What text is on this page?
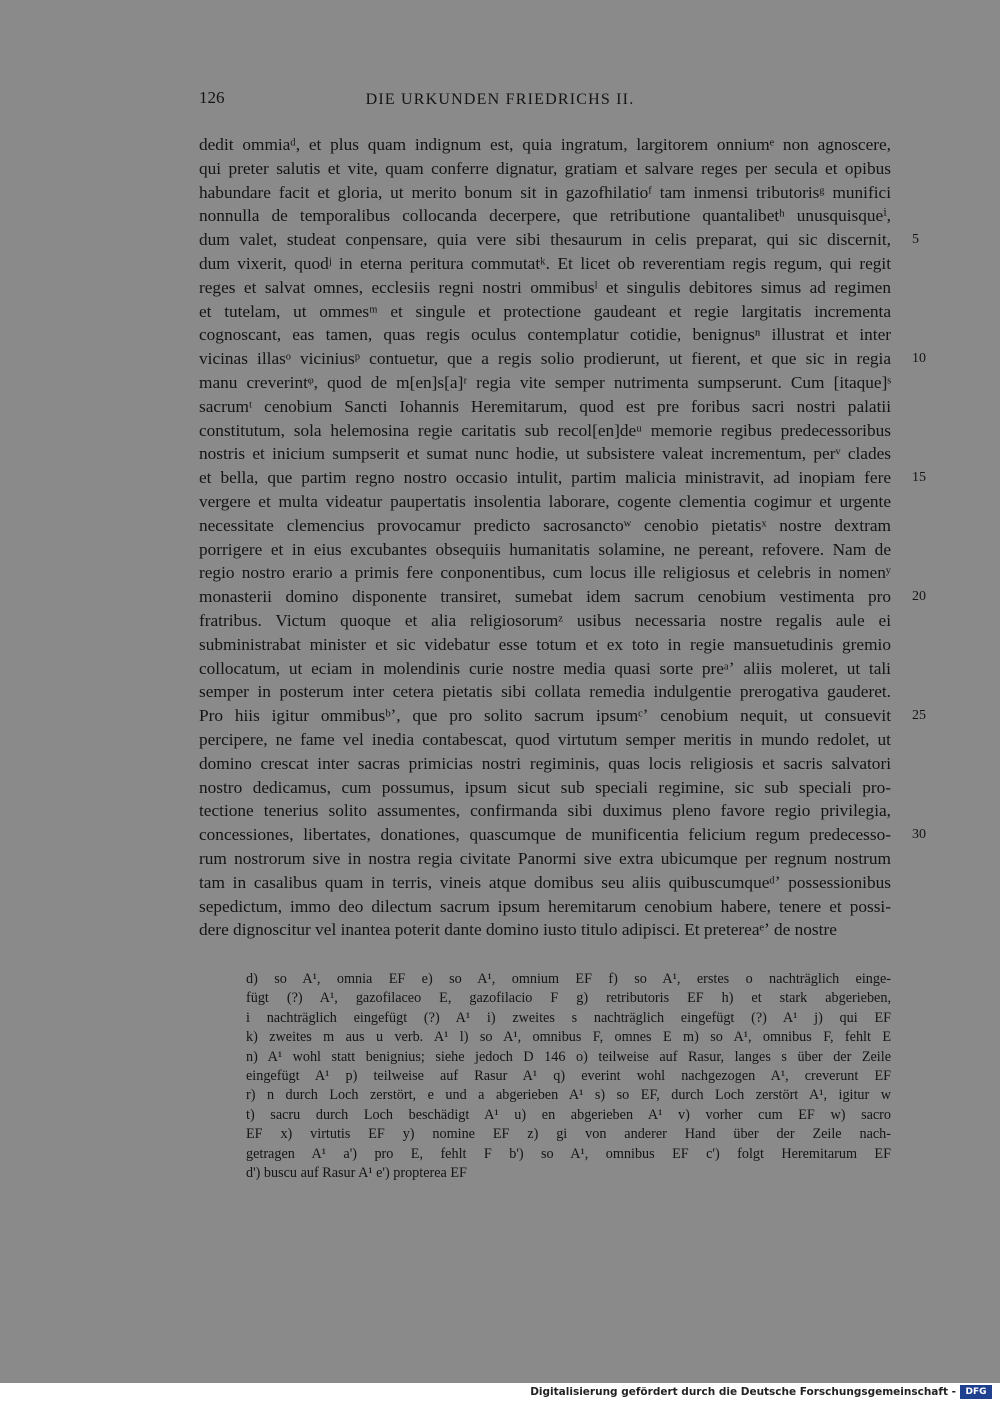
126	DIE URKUNDEN FRIEDRICHS II.
dedit ommiaᵈ, et plus quam indignum est, quia ingratum, largitorem onniumᵉ non agnoscere,
qui preter salutis et vite, quam conferre dignatur, gratiam et salvare reges per secula et opibus
habundare facit et gloria, ut merito bonum sit in gazofhilatioᶠ tam inmensi tributorisᵍ munifici
nonnulla de temporalibus collocanda decerpere, que retributione quantalibetʰ unusquisqueⁱ,
dum valet, studeat conpensare, quia vere sibi thesaurum in celis preparat, qui sic discernit,
dum vixerit, quodʲ in eterna peritura commutatᵏ. Et licet ob reverentiam regis regum, qui regit
reges et salvat omnes, ecclesiis regni nostri ommibusˡ et singulis debitores simus ad regimen
et tutelam, ut ommesᵐ et singule et protectione gaudeant et regie largitatis incrementa
cognoscant, eas tamen, quas regis oculus contemplatur cotidie, benignusⁿ illustrat et inter
vicinas illasᵒ viciniusᵖ contuetur, que a regis solio prodierunt, ut fierent, et que sic in regia
manu creverintᵠ, quod de m[en]s[a]ʳ regia vite semper nutrimenta sumpserunt. Cum [itaque]ˢ
sacrumᵗ cenobium Sancti Iohannis Heremitarum, quod est pre foribus sacri nostri palatii
constitutum, sola helemosina regie caritatis sub recol[en]deᵘ memorie regibus predecessoribus
nostris et inicium sumpserit et sumat nunc hodie, ut subsistere valeat incrementum, perᵛ clades
et bella, que partim regno nostro occasio intulit, partim malicia ministravit, ad inopiam fere
vergere et multa videatur paupertatis insolentia laborare, cogente clementia cogimur et urgente
necessitate clemencius provocamur predicto sacrosanctoʷ cenobio pietatisˣ nostre dextram
porrigere et in eius excubantes obsequiis humanitatis solamine, ne pereant, refovere. Nam de
regio nostro erario a primis fere conponentibus, cum locus ille religiosus et celebris in nomenʸ
monasterii domino disponente transiret, sumebat idem sacrum cenobium vestimenta pro
fratribus. Victum quoque et alia religiosorumᶻ usibus necessaria nostre regalis aule ei
subministrabat minister et sic videbatur esse totum et ex toto in regie mansuetudinis gremio
collocatum, ut eciam in molendinis curie nostre media quasi sorte preᵃʼ aliis moleret, ut tali
semper in posterum inter cetera pietatis sibi collata remedia indulgentie prerogativa gauderet.
Pro hiis igitur ommibusᵇʼ, que pro solito sacrum ipsumᶜʼ cenobium nequit, ut consuevit
percipere, ne fame vel inedia contabescat, quod virtutum semper meritis in mundo redolet, ut
domino crescat inter sacras primicias nostri regiminis, quas locis religiosis et sacris salvatori
nostro dedicamus, cum possumus, ipsum sicut sub speciali regimine, sic sub speciali pro-
tectione tenerius solito assumentes, confirmanda sibi duximus pleno favore regio privilegia,
concessiones, libertates, donationes, quascumque de munificentia felicium regum predecesso-
rum nostrorum sive in nostra regia civitate Panormi sive extra ubicumque per regnum nostrum
tam in casalibus quam in terris, vineis atque domibus seu aliis quibuscumqueᵈʼ possessionibus
sepedictum, immo deo dilectum sacrum ipsum heremitarum cenobium habere, tenere et possi-
dere dignoscitur vel inantea poterit dante domino iusto titulo adipisci. Et pretereaᵉʼ de nostre
5
10
15
20
25
30
d) so A¹, omnia EF e) so A¹, omnium EF f) so A¹, erstes o nachträglich einge-
fügt (?) A¹, gazofilaceo E, gazofilacio F g) retributoris EF h) et stark abgerieben,
i nachträglich eingefügt (?) A¹ i) zweites s nachträglich eingefügt (?) A¹ j) qui EF
k) zweites m aus u verb. A¹ l) so A¹, omnibus F, omnes E m) so A¹, omnibus F, fehlt E
n) A¹ wohl statt benignius; siehe jedoch D 146 o) teilweise auf Rasur, langes s über der Zeile
eingefügt A¹ p) teilweise auf Rasur A¹ q) everint wohl nachgezogen A¹, creverunt EF
r) n durch Loch zerstört, e und a abgerieben A¹ s) so EF, durch Loch zerstört A¹, igitur w
t) sacru durch Loch beschädigt A¹ u) en abgerieben A¹ v) vorher cum EF w) sacro
EF x) virtutis EF y) nomine EF z) gi von anderer Hand über der Zeile nach-
getragen A¹ a') pro E, fehlt F b') so A¹, omnibus EF c') folgt Heremitarum EF
d') buscu auf Rasur A¹ e') propterea EF
Digitalisierung gefördert durch die Deutsche Forschungsgemeinschaft -	DFG
